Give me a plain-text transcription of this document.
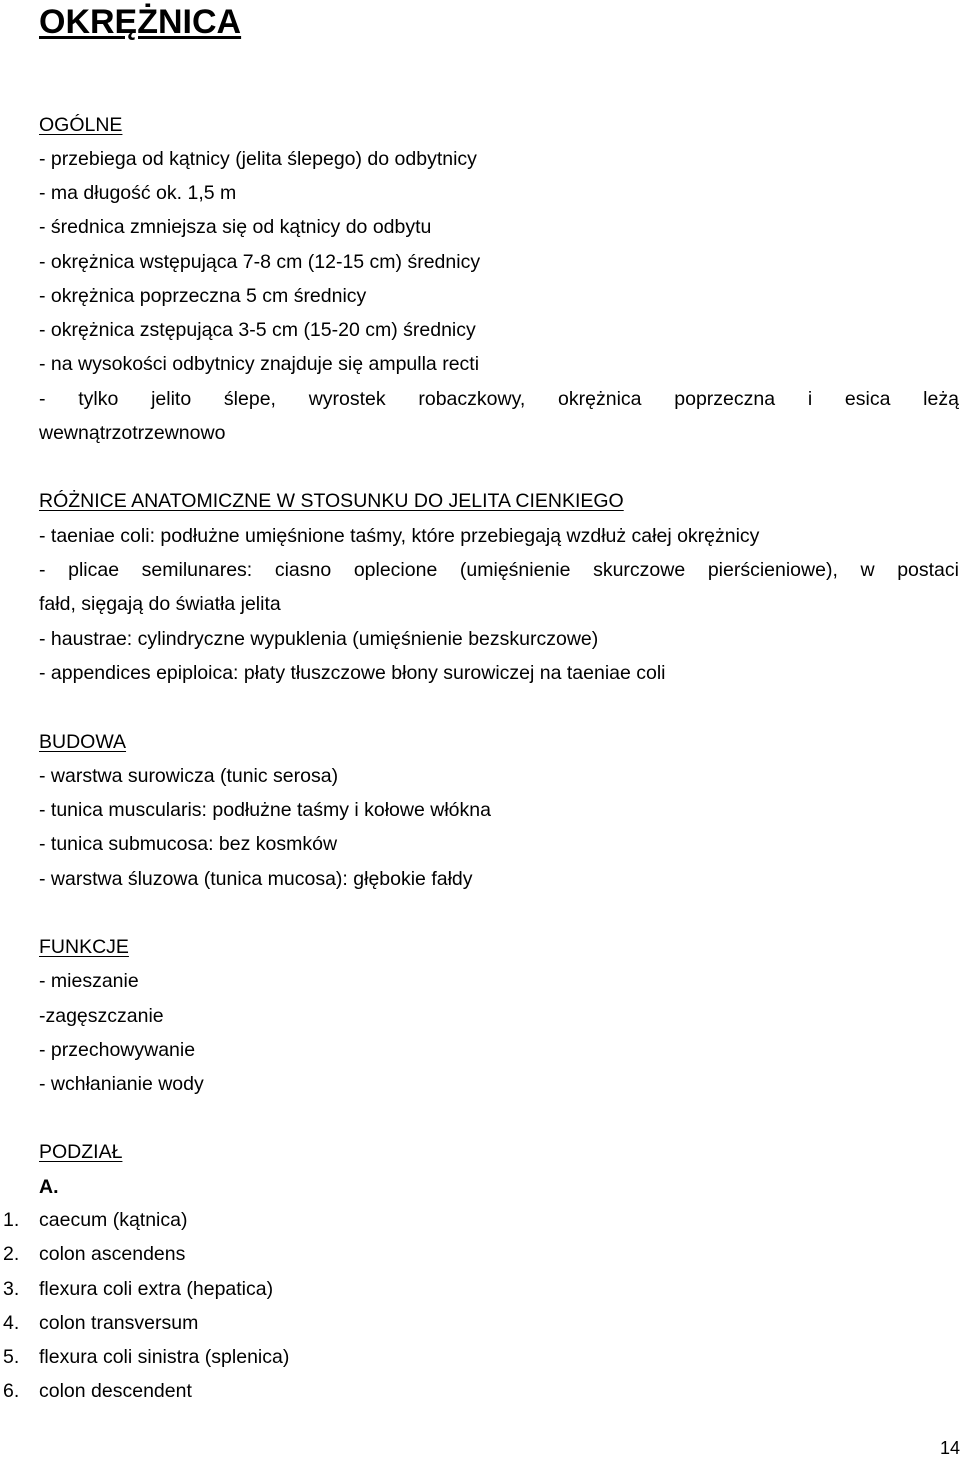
OKRĘŻNICA
OGÓLNE
- przebiega od kątnicy (jelita ślepego) do odbytnicy
- ma długość ok. 1,5 m
- średnica zmniejsza się od kątnicy do odbytu
- okrężnica wstępująca 7-8 cm (12-15 cm) średnicy
- okrężnica poprzeczna 5 cm średnicy
- okrężnica zstępująca 3-5 cm (15-20 cm) średnicy
- na wysokości odbytnicy znajduje się ampulla recti
- tylko jelito ślepe, wyrostek robaczkowy, okrężnica poprzeczna i esica leżą
wewnątrzotrzewnowo
RÓŻNICE ANATOMICZNE W STOSUNKU DO JELITA CIENKIEGO
- taeniae coli: podłużne umięśnione taśmy, które przebiegają wzdłuż całej okrężnicy
- plicae semilunares: ciasno oplecione (umięśnienie skurczowe pierścieniowe), w postaci
fałd, sięgają do światła jelita
- haustrae: cylindryczne wypuklenia (umięśnienie bezskurczowe)
- appendices epiploica: płaty tłuszczowe błony surowiczej na taeniae coli
BUDOWA
- warstwa surowicza (tunic serosa)
- tunica muscularis: podłużne taśmy i kołowe włókna
- tunica submucosa: bez kosmków
- warstwa śluzowa (tunica mucosa): głębokie fałdy
FUNKCJE
- mieszanie
-zagęszczanie
- przechowywanie
- wchłanianie wody
PODZIAŁ
A.
1.	caecum (kątnica)
2.	colon ascendens
3.	flexura coli extra (hepatica)
4.	colon transversum
5.	flexura coli sinistra (splenica)
6.	colon descendent
14
